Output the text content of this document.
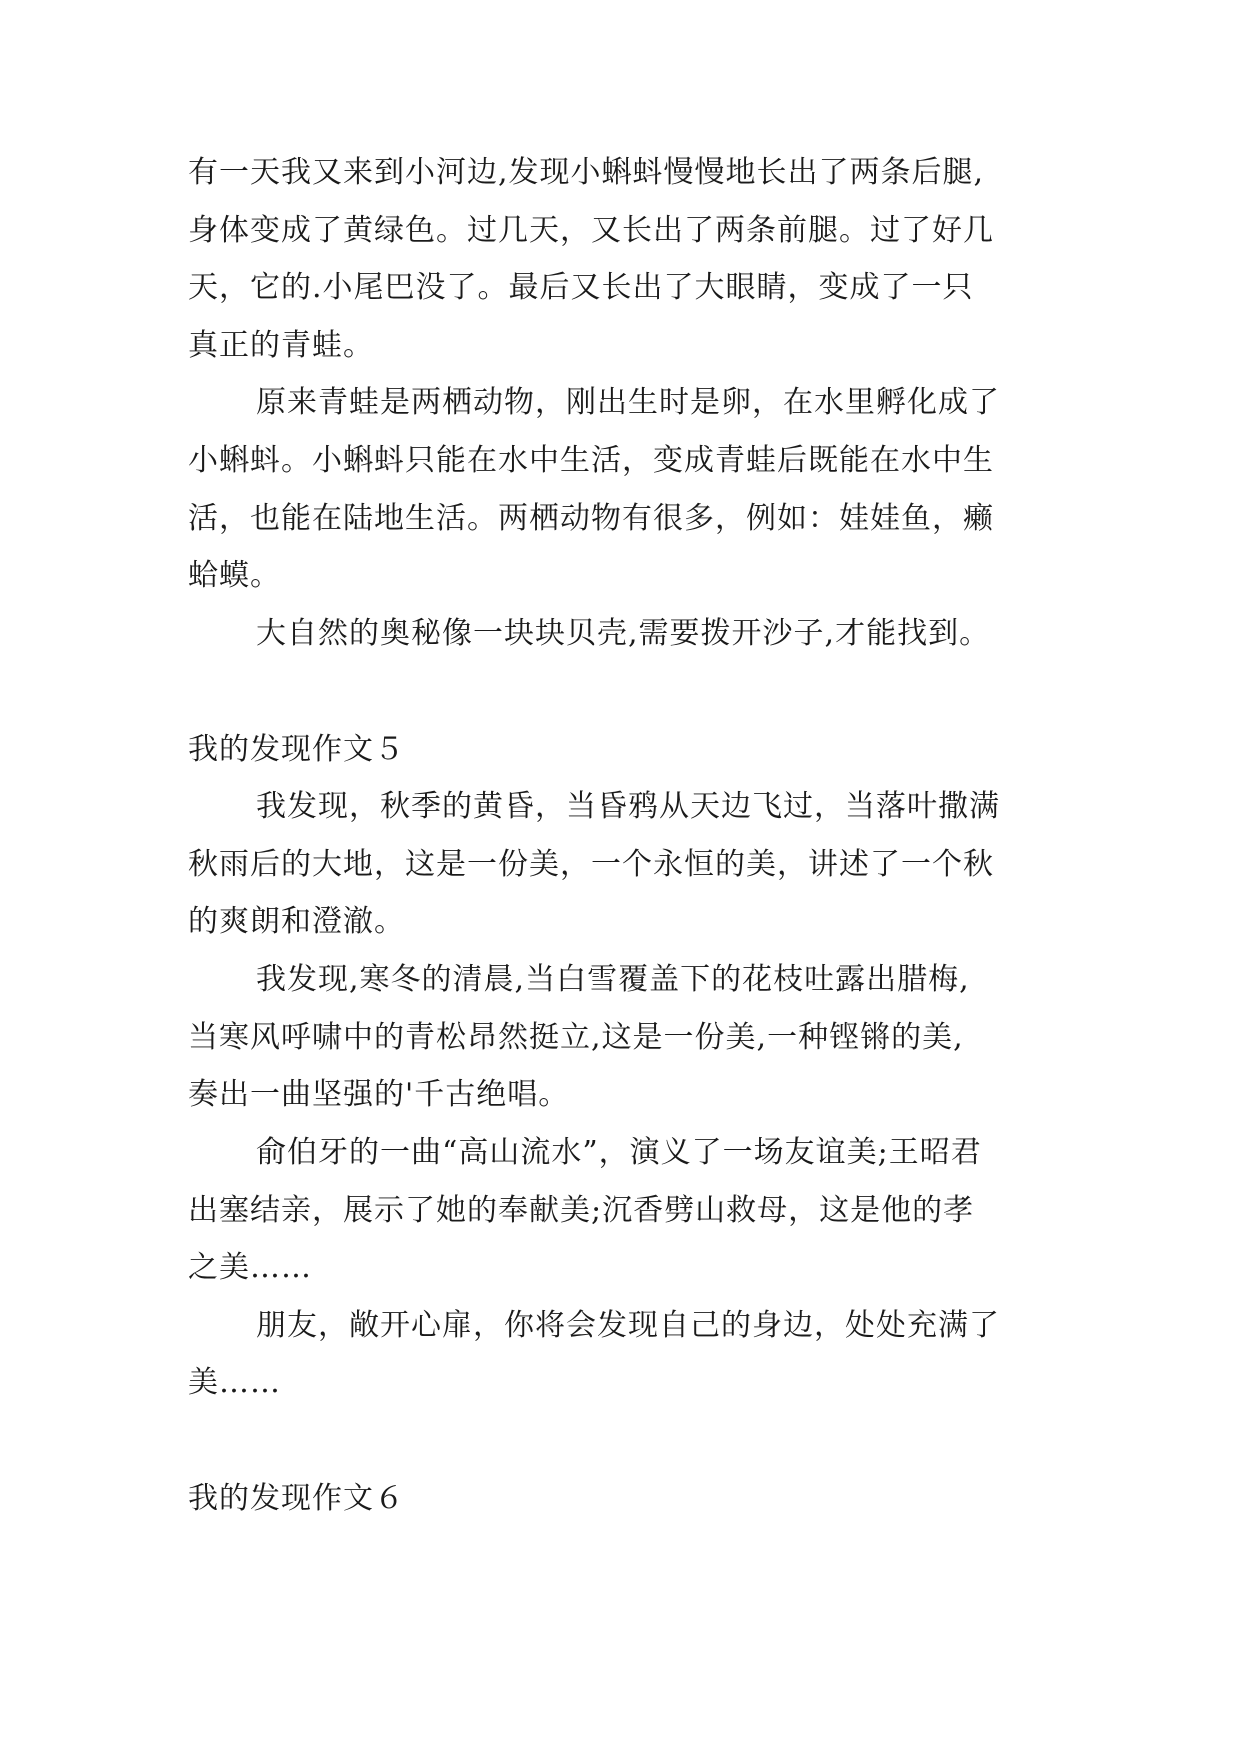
有一天我又来到小河边,发现小蝌蚪慢慢地长出了两条后腿,

身体变成了黄绿色。过几天，又长出了两条前腿。过了好几

天，它的.小尾巴没了。最后又长出了大眼睛，变成了一只

真正的青蛙。

原来青蛙是两栖动物，刚出生时是卵，在水里孵化成了

小蝌蚪。小蝌蚪只能在水中生活，变成青蛙后既能在水中生

活，也能在陆地生活。两栖动物有很多，例如：娃娃鱼，癞

蛤蟆。

大自然的奥秘像一块块贝壳,需要拨开沙子,才能找到。

我的发现作文５

我发现，秋季的黄昏，当昏鸦从天边飞过，当落叶撒满

秋雨后的大地，这是一份美，一个永恒的美，讲述了一个秋

的爽朗和澄澈。

我发现,寒冬的清晨,当白雪覆盖下的花枝吐露出腊梅,

当寒风呼啸中的青松昂然挺立,这是一份美,一种铿锵的美,

奏出一曲坚强的'千古绝唱。

俞伯牙的一曲“高山流水”，演义了一场友谊美;王昭君

出塞结亲，展示了她的奉献美;沉香劈山救母，这是他的孝

之美……

朋友，敞开心扉，你将会发现自己的身边，处处充满了

美……

我的发现作文６
